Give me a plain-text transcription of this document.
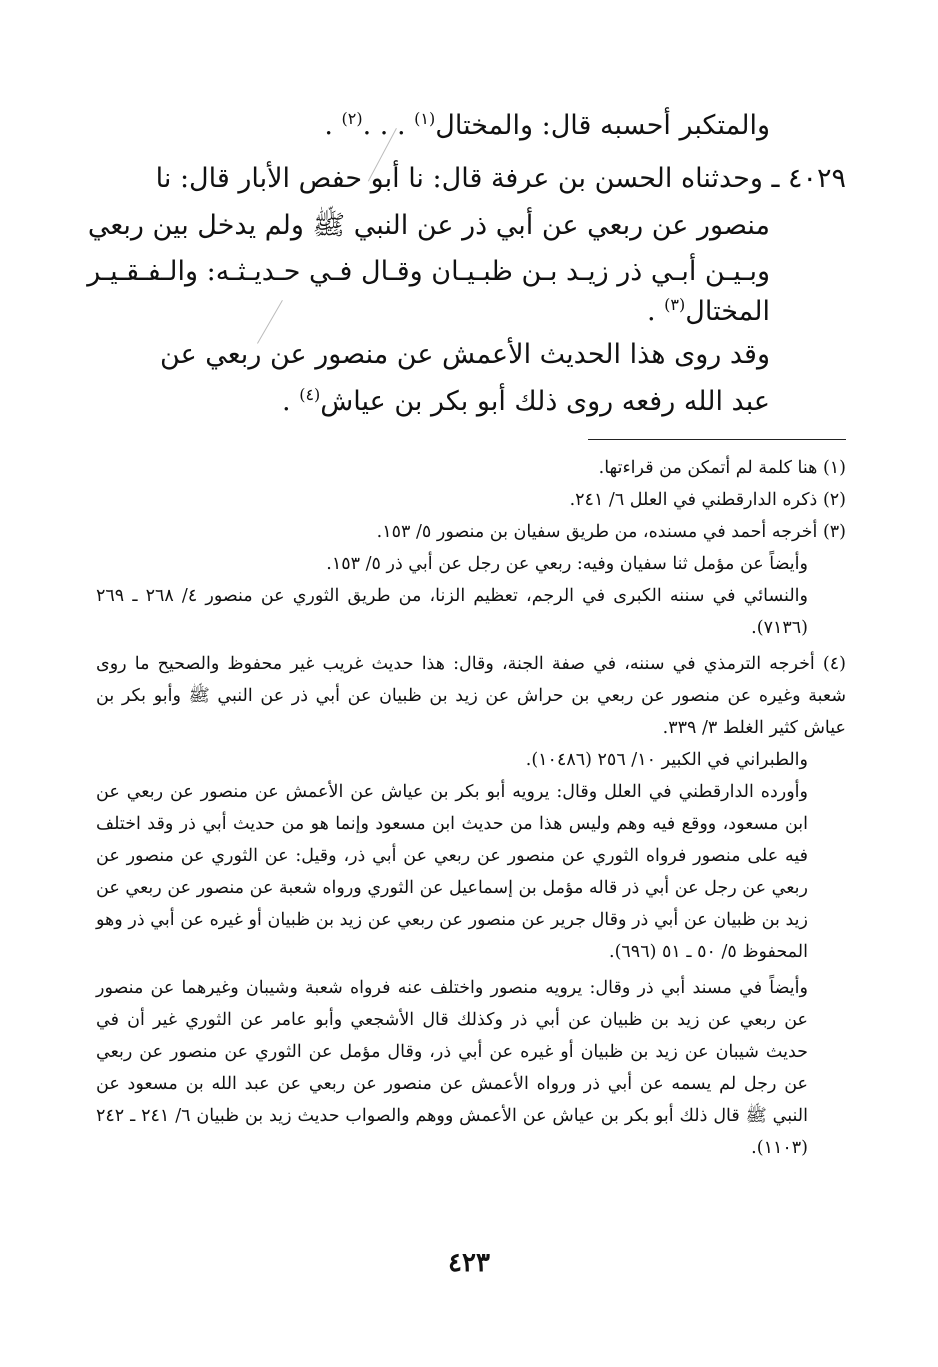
والمتكبر أحسبه قال: والمختال$^{(١)}$ . . .$^{(٢)}$ .
٤٠٢٩ ـ وحدثناه الحسن بن عرفة قال: نا أبو حفص الأبار قال: نا
منصور عن ربعي عن أبي ذر عن النبي ﷺ ولم يدخل بين ربعي
وبـيـن أبـي ذر زيـد بـن ظبـيـان وقـال فـي حـديـثـه: والـفـقـيـر
المختال$^{(٣)}$ .
وقد روى هذا الحديث الأعمش عن منصور عن ربعي عن
عبد الله رفعه روى ذلك أبو بكر بن عياش$^{(٤)}$ .

(١) هنا كلمة لم أتمكن من قراءتها.

(٢) ذكره الدارقطني في العلل ٦/ ٢٤١.

(٣) أخرجه أحمد في مسنده، من طريق سفيان بن منصور ٥/ ١٥٣.

وأيضاً عن مؤمل ثنا سفيان وفيه: ربعي عن رجل عن أبي ذر ٥/ ١٥٣.

والنسائي في سننه الكبرى في الرجم، تعظيم الزنا، من طريق الثوري عن منصور ٤/ ٢٦٨ ـ ٢٦٩ (٧١٣٦).

(٤) أخرجه الترمذي في سننه، في صفة الجنة، وقال: هذا حديث غريب غير محفوظ والصحيح ما روى شعبة وغيره عن منصور عن ربعي بن حراش عن زيد بن ظبيان عن أبي ذر عن النبي ﷺ وأبو بكر بن عياش كثير الغلط ٣/ ٣٣٩.

والطبراني في الكبير ١٠/ ٢٥٦ (١٠٤٨٦).

وأورده الدارقطني في العلل وقال: يرويه أبو بكر بن عياش عن الأعمش عن منصور عن ربعي عن ابن مسعود، ووقع فيه وهم وليس هذا من حديث ابن مسعود وإنما هو من حديث أبي ذر وقد اختلف فيه على منصور فرواه الثوري عن منصور عن ربعي عن أبي ذر، وقيل: عن الثوري عن منصور عن ربعي عن رجل عن أبي ذر قاله مؤمل بن إسماعيل عن الثوري ورواه شعبة عن منصور عن ربعي عن زيد بن ظبيان عن أبي ذر وقال جرير عن منصور عن ربعي عن زيد بن ظبيان أو غيره عن أبي ذر وهو المحفوظ ٥/ ٥٠ ـ ٥١ (٦٩٦).

وأيضاً في مسند أبي ذر وقال: يرويه منصور واختلف عنه فرواه شعبة وشيبان وغيرهما عن منصور عن ربعي عن زيد بن ظبيان عن أبي ذر وكذلك قال الأشجعي وأبو عامر عن الثوري غير أن في حديث شيبان عن زيد بن ظبيان أو غيره عن أبي ذر، وقال مؤمل عن الثوري عن منصور عن ربعي عن رجل لم يسمه عن أبي ذر ورواه الأعمش عن منصور عن ربعي عن عبد الله بن مسعود عن النبي ﷺ قال ذلك أبو بكر بن عياش عن الأعمش ووهم والصواب حديث زيد بن ظبيان ٦/ ٢٤١ ـ ٢٤٢ (١١٠٣).

٤٢٣
